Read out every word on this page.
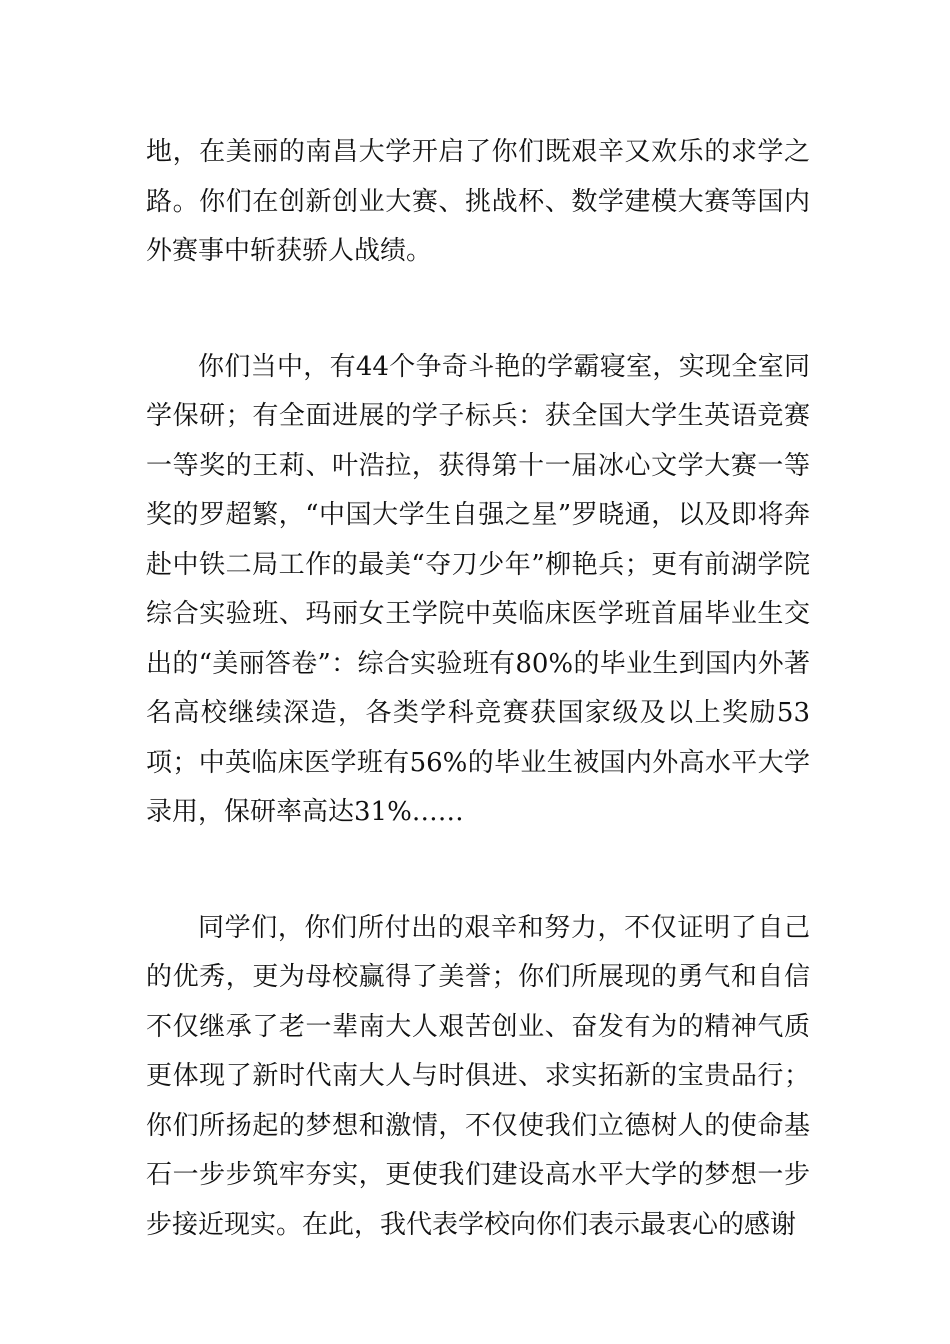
地，在美丽的南昌大学开启了你们既艰辛又欢乐的求学之路。你们在创新创业大赛、挑战杯、数学建模大赛等国内外赛事中斩获骄人战绩。

你们当中，有44个争奇斗艳的学霸寝室，实现全室同学保研；有全面进展的学子标兵：获全国大学生英语竞赛一等奖的王莉、叶浩拉，获得第十一届冰心文学大赛一等奖的罗超繁，“中国大学生自强之星”罗晓通，以及即将奔赴中铁二局工作的最美“夺刀少年”柳艳兵；更有前湖学院综合实验班、玛丽女王学院中英临床医学班首届毕业生交出的“美丽答卷”：综合实验班有80%的毕业生到国内外著名高校继续深造，各类学科竞赛获国家级及以上奖励53项；中英临床医学班有56%的毕业生被国内外高水平大学录用，保研率高达31%……

同学们，你们所付出的艰辛和努力，不仅证明了自己的优秀，更为母校赢得了美誉；你们所展现的勇气和自信不仅继承了老一辈南大人艰苦创业、奋发有为的精神气质更体现了新时代南大人与时俱进、求实拓新的宝贵品行；你们所扬起的梦想和激情，不仅使我们立德树人的使命基石一步步筑牢夯实，更使我们建设高水平大学的梦想一步步接近现实。在此，我代表学校向你们表示最衷心的感谢
